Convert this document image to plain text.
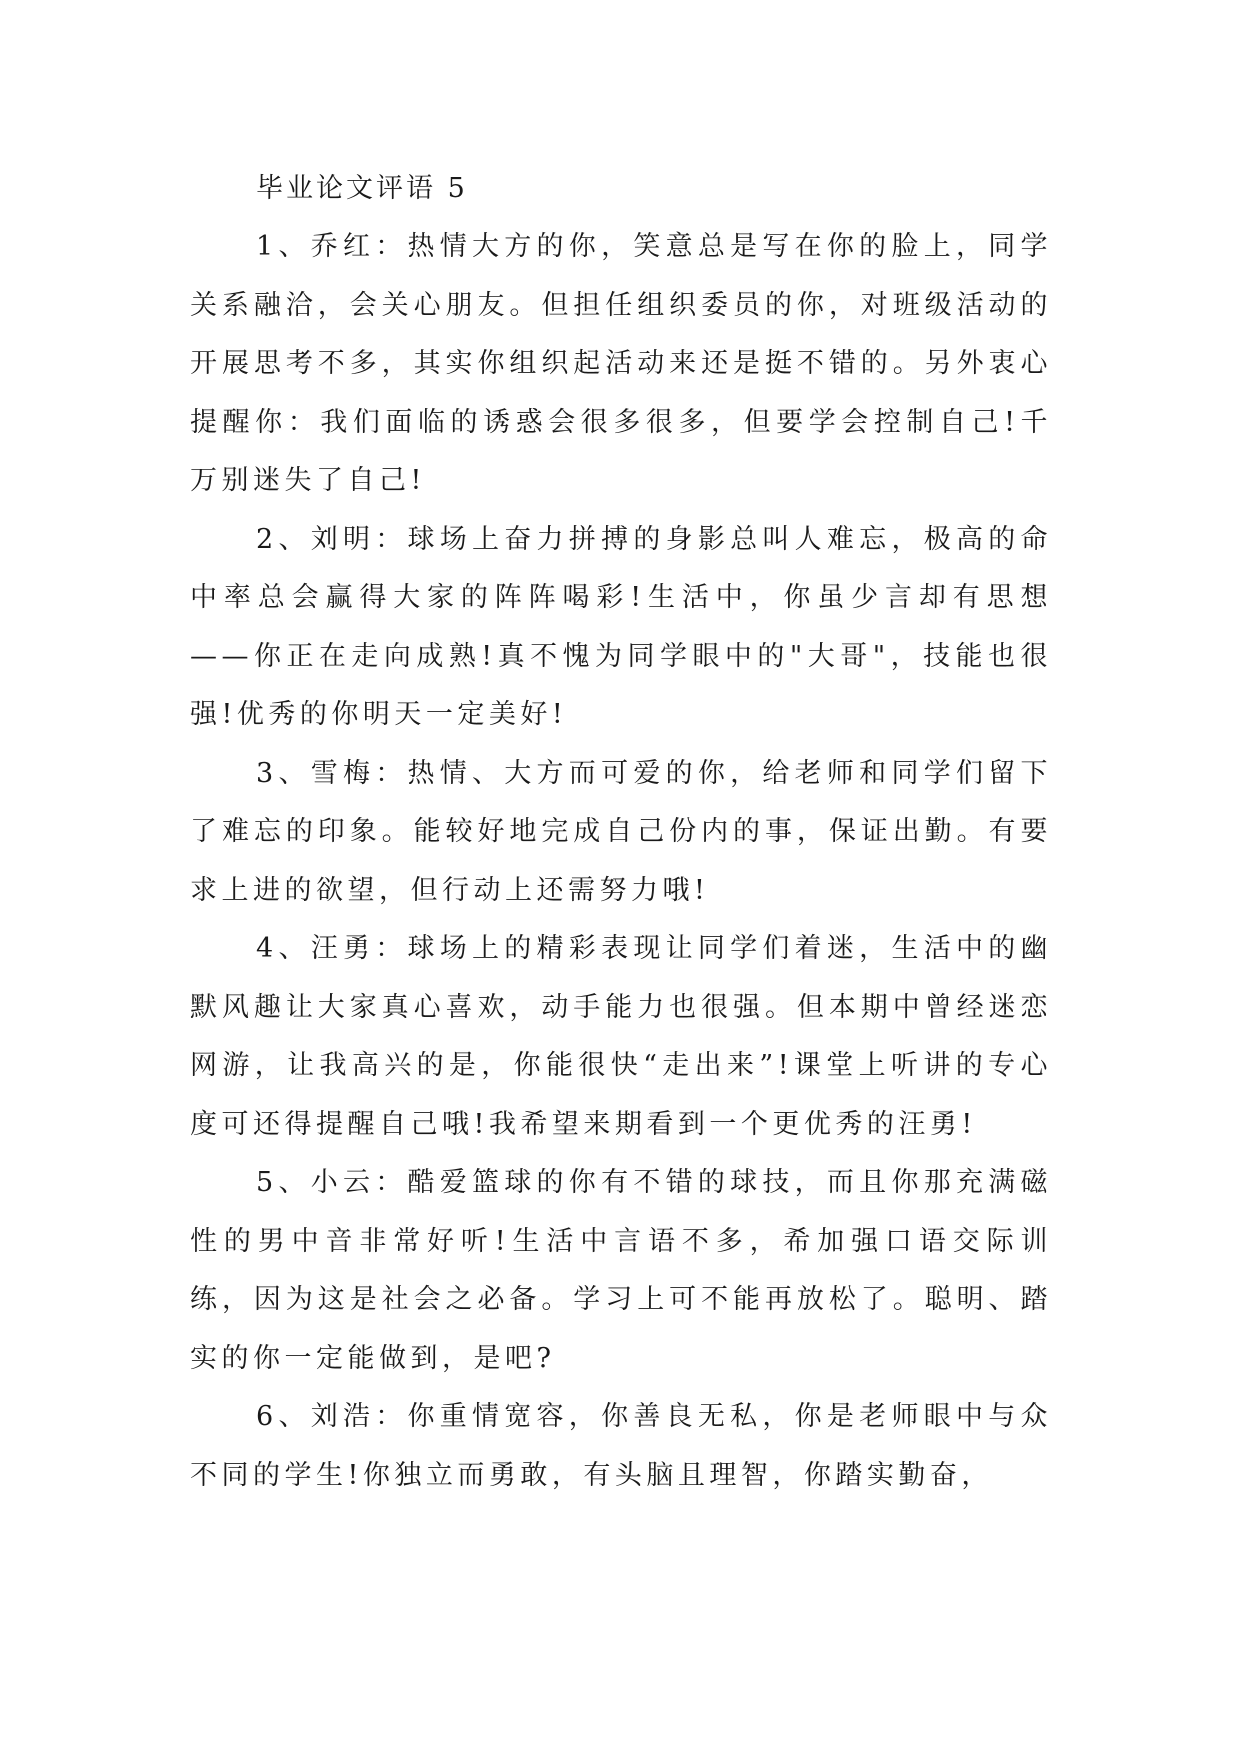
毕业论文评语 5

1、乔红：热情大方的你，笑意总是写在你的脸上，同学关系融洽，会关心朋友。但担任组织委员的你，对班级活动的开展思考不多，其实你组织起活动来还是挺不错的。另外衷心提醒你：我们面临的诱惑会很多很多，但要学会控制自己!千万别迷失了自己!

2、刘明：球场上奋力拼搏的身影总叫人难忘，极高的命中率总会赢得大家的阵阵喝彩!生活中，你虽少言却有思想——你正在走向成熟!真不愧为同学眼中的"大哥"，技能也很强!优秀的你明天一定美好!

3、雪梅：热情、大方而可爱的你，给老师和同学们留下了难忘的印象。能较好地完成自己份内的事，保证出勤。有要求上进的欲望，但行动上还需努力哦!

4、汪勇：球场上的精彩表现让同学们着迷，生活中的幽默风趣让大家真心喜欢，动手能力也很强。但本期中曾经迷恋网游，让我高兴的是，你能很快“走出来”!课堂上听讲的专心度可还得提醒自己哦!我希望来期看到一个更优秀的汪勇!

5、小云：酷爱篮球的你有不错的球技，而且你那充满磁性的男中音非常好听!生活中言语不多，希加强口语交际训练，因为这是社会之必备。学习上可不能再放松了。聪明、踏实的你一定能做到，是吧?

6、刘浩：你重情宽容，你善良无私，你是老师眼中与众不同的学生!你独立而勇敢，有头脑且理智，你踏实勤奋，
